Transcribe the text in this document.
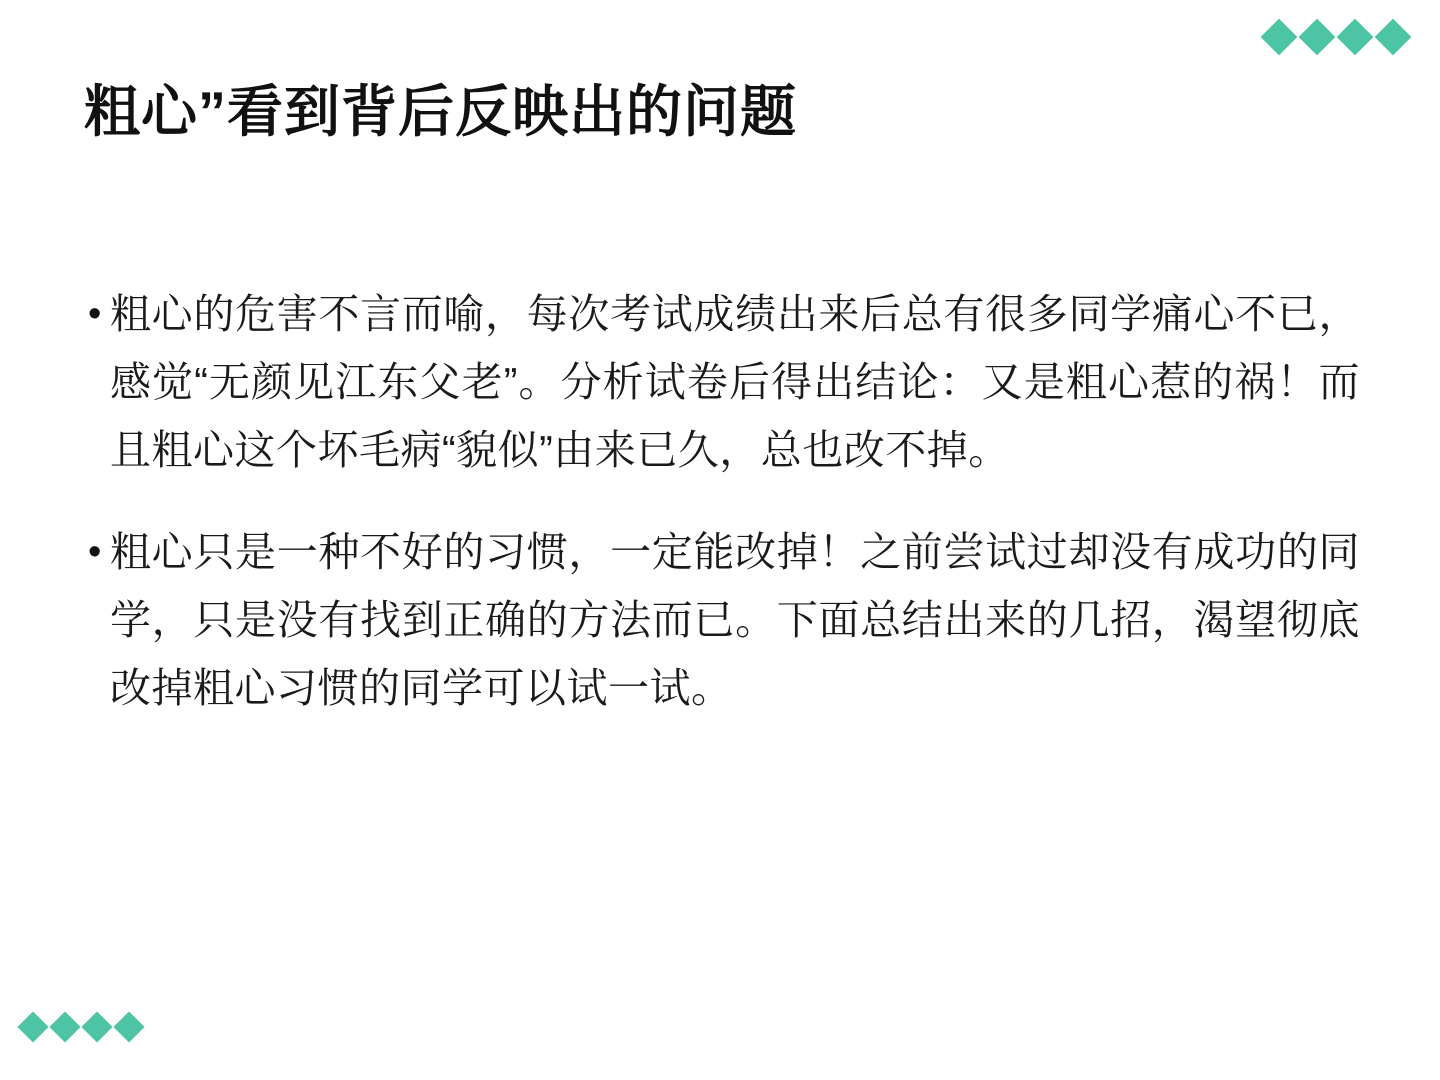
粗心”看到背后反映出的问题
• 粗心的危害不言而喻，每次考试成绩出来后总有很多同学痛心不已，感觉“无颜见江东父老”。分析试卷后得出结论：又是粗心惹的祸！而且粗心这个坏毛病“貌似”由来已久，总也改不掉。
• 粗心只是一种不好的习惯，一定能改掉！之前尝试过却没有成功的同学，只是没有找到正确的方法而已。下面总结出来的几招，渴望彻底改掉粗心习惯的同学可以试一试。
